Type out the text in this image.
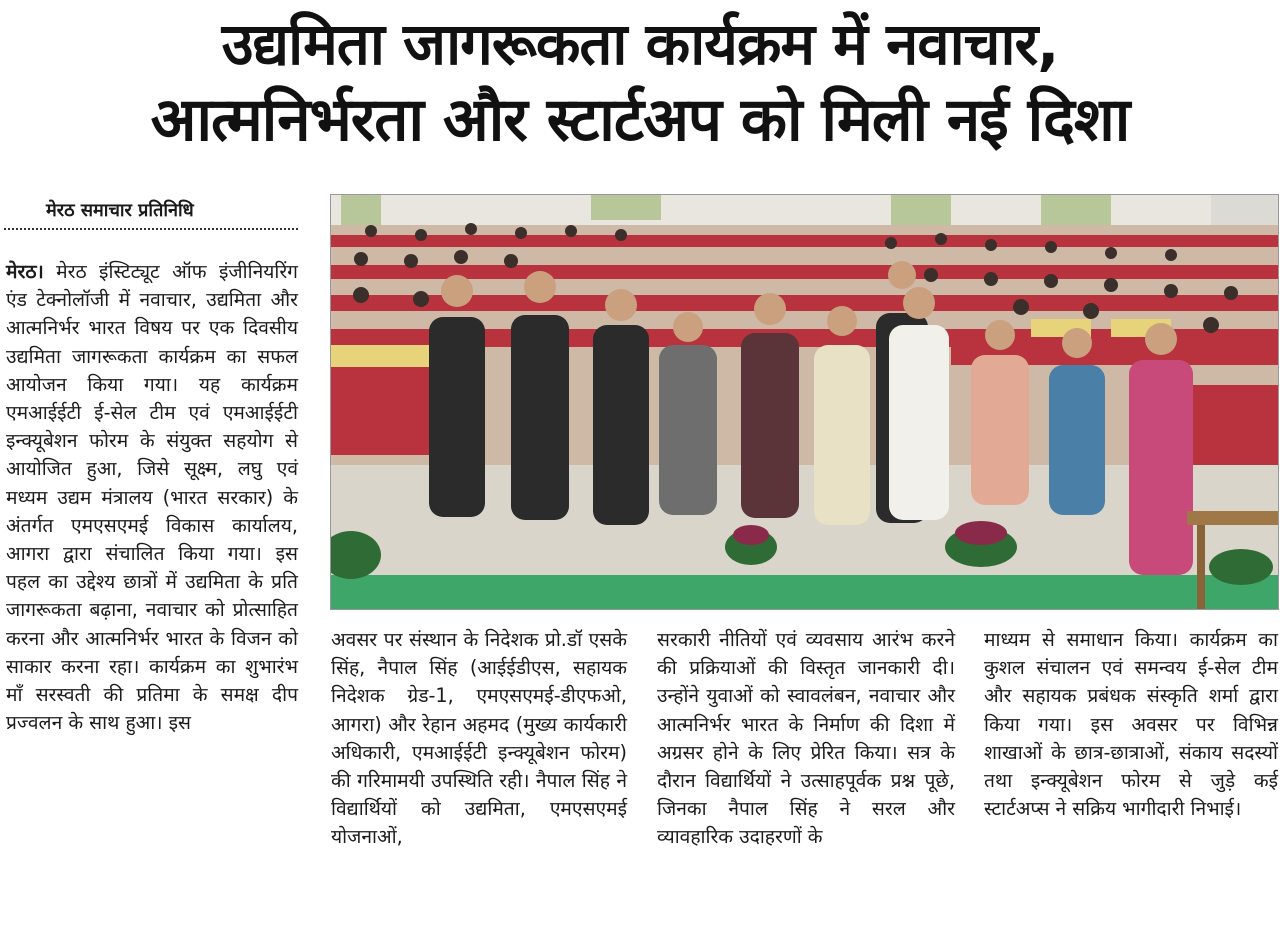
उद्यमिता जागरूकता कार्यक्रम में नवाचार,
आत्मनिर्भरता और स्टार्टअप को मिली नई दिशा
मेरठ समाचार प्रतिनिधि
मेरठ। मेरठ इंस्टिट्यूट ऑफ इंजीनियरिंग एंड टेक्नोलॉजी में नवाचार, उद्यमिता और आत्मनिर्भर भारत विषय पर एक दिवसीय उद्यमिता जागरूकता कार्यक्रम का सफल आयोजन किया गया। यह कार्यक्रम एमआईईटी ई-सेल टीम एवं एमआईईटी इन्क्यूबेशन फोरम के संयुक्त सहयोग से आयोजित हुआ, जिसे सूक्ष्म, लघु एवं मध्यम उद्यम मंत्रालय (भारत सरकार) के अंतर्गत एमएसएमई विकास कार्यालय, आगरा द्वारा संचालित किया गया। इस पहल का उद्देश्य छात्रों में उद्यमिता के प्रति जागरूकता बढ़ाना, नवाचार को प्रोत्साहित करना और आत्मनिर्भर भारत के विजन को साकार करना रहा। कार्यक्रम का शुभारंभ माँ सरस्वती की प्रतिमा के समक्ष दीप प्रज्वलन के साथ हुआ। इस
अवसर पर संस्थान के निदेशक प्रो.डॉ एसके सिंह, नैपाल सिंह (आईईडीएस, सहायक निदेशक ग्रेड-1, एमएसएमई-डीएफओ, आगरा) और रेहान अहमद (मुख्य कार्यकारी अधिकारी, एमआईईटी इन्क्यूबेशन फोरम) की गरिमामयी उपस्थिति रही। नैपाल सिंह ने विद्यार्थियों को उद्यमिता, एमएसएमई योजनाओं,
सरकारी नीतियों एवं व्यवसाय आरंभ करने की प्रक्रियाओं की विस्तृत जानकारी दी। उन्होंने युवाओं को स्वावलंबन, नवाचार और आत्मनिर्भर भारत के निर्माण की दिशा में अग्रसर होने के लिए प्रेरित किया। सत्र के दौरान विद्यार्थियों ने उत्साहपूर्वक प्रश्न पूछे, जिनका नैपाल सिंह ने सरल और व्यावहारिक उदाहरणों के
माध्यम से समाधान किया। कार्यक्रम का कुशल संचालन एवं समन्वय ई-सेल टीम और सहायक प्रबंधक संस्कृति शर्मा द्वारा किया गया। इस अवसर पर विभिन्न शाखाओं के छात्र-छात्राओं, संकाय सदस्यों तथा इन्क्यूबेशन फोरम से जुड़े कई स्टार्टअप्स ने सक्रिय भागीदारी निभाई।
